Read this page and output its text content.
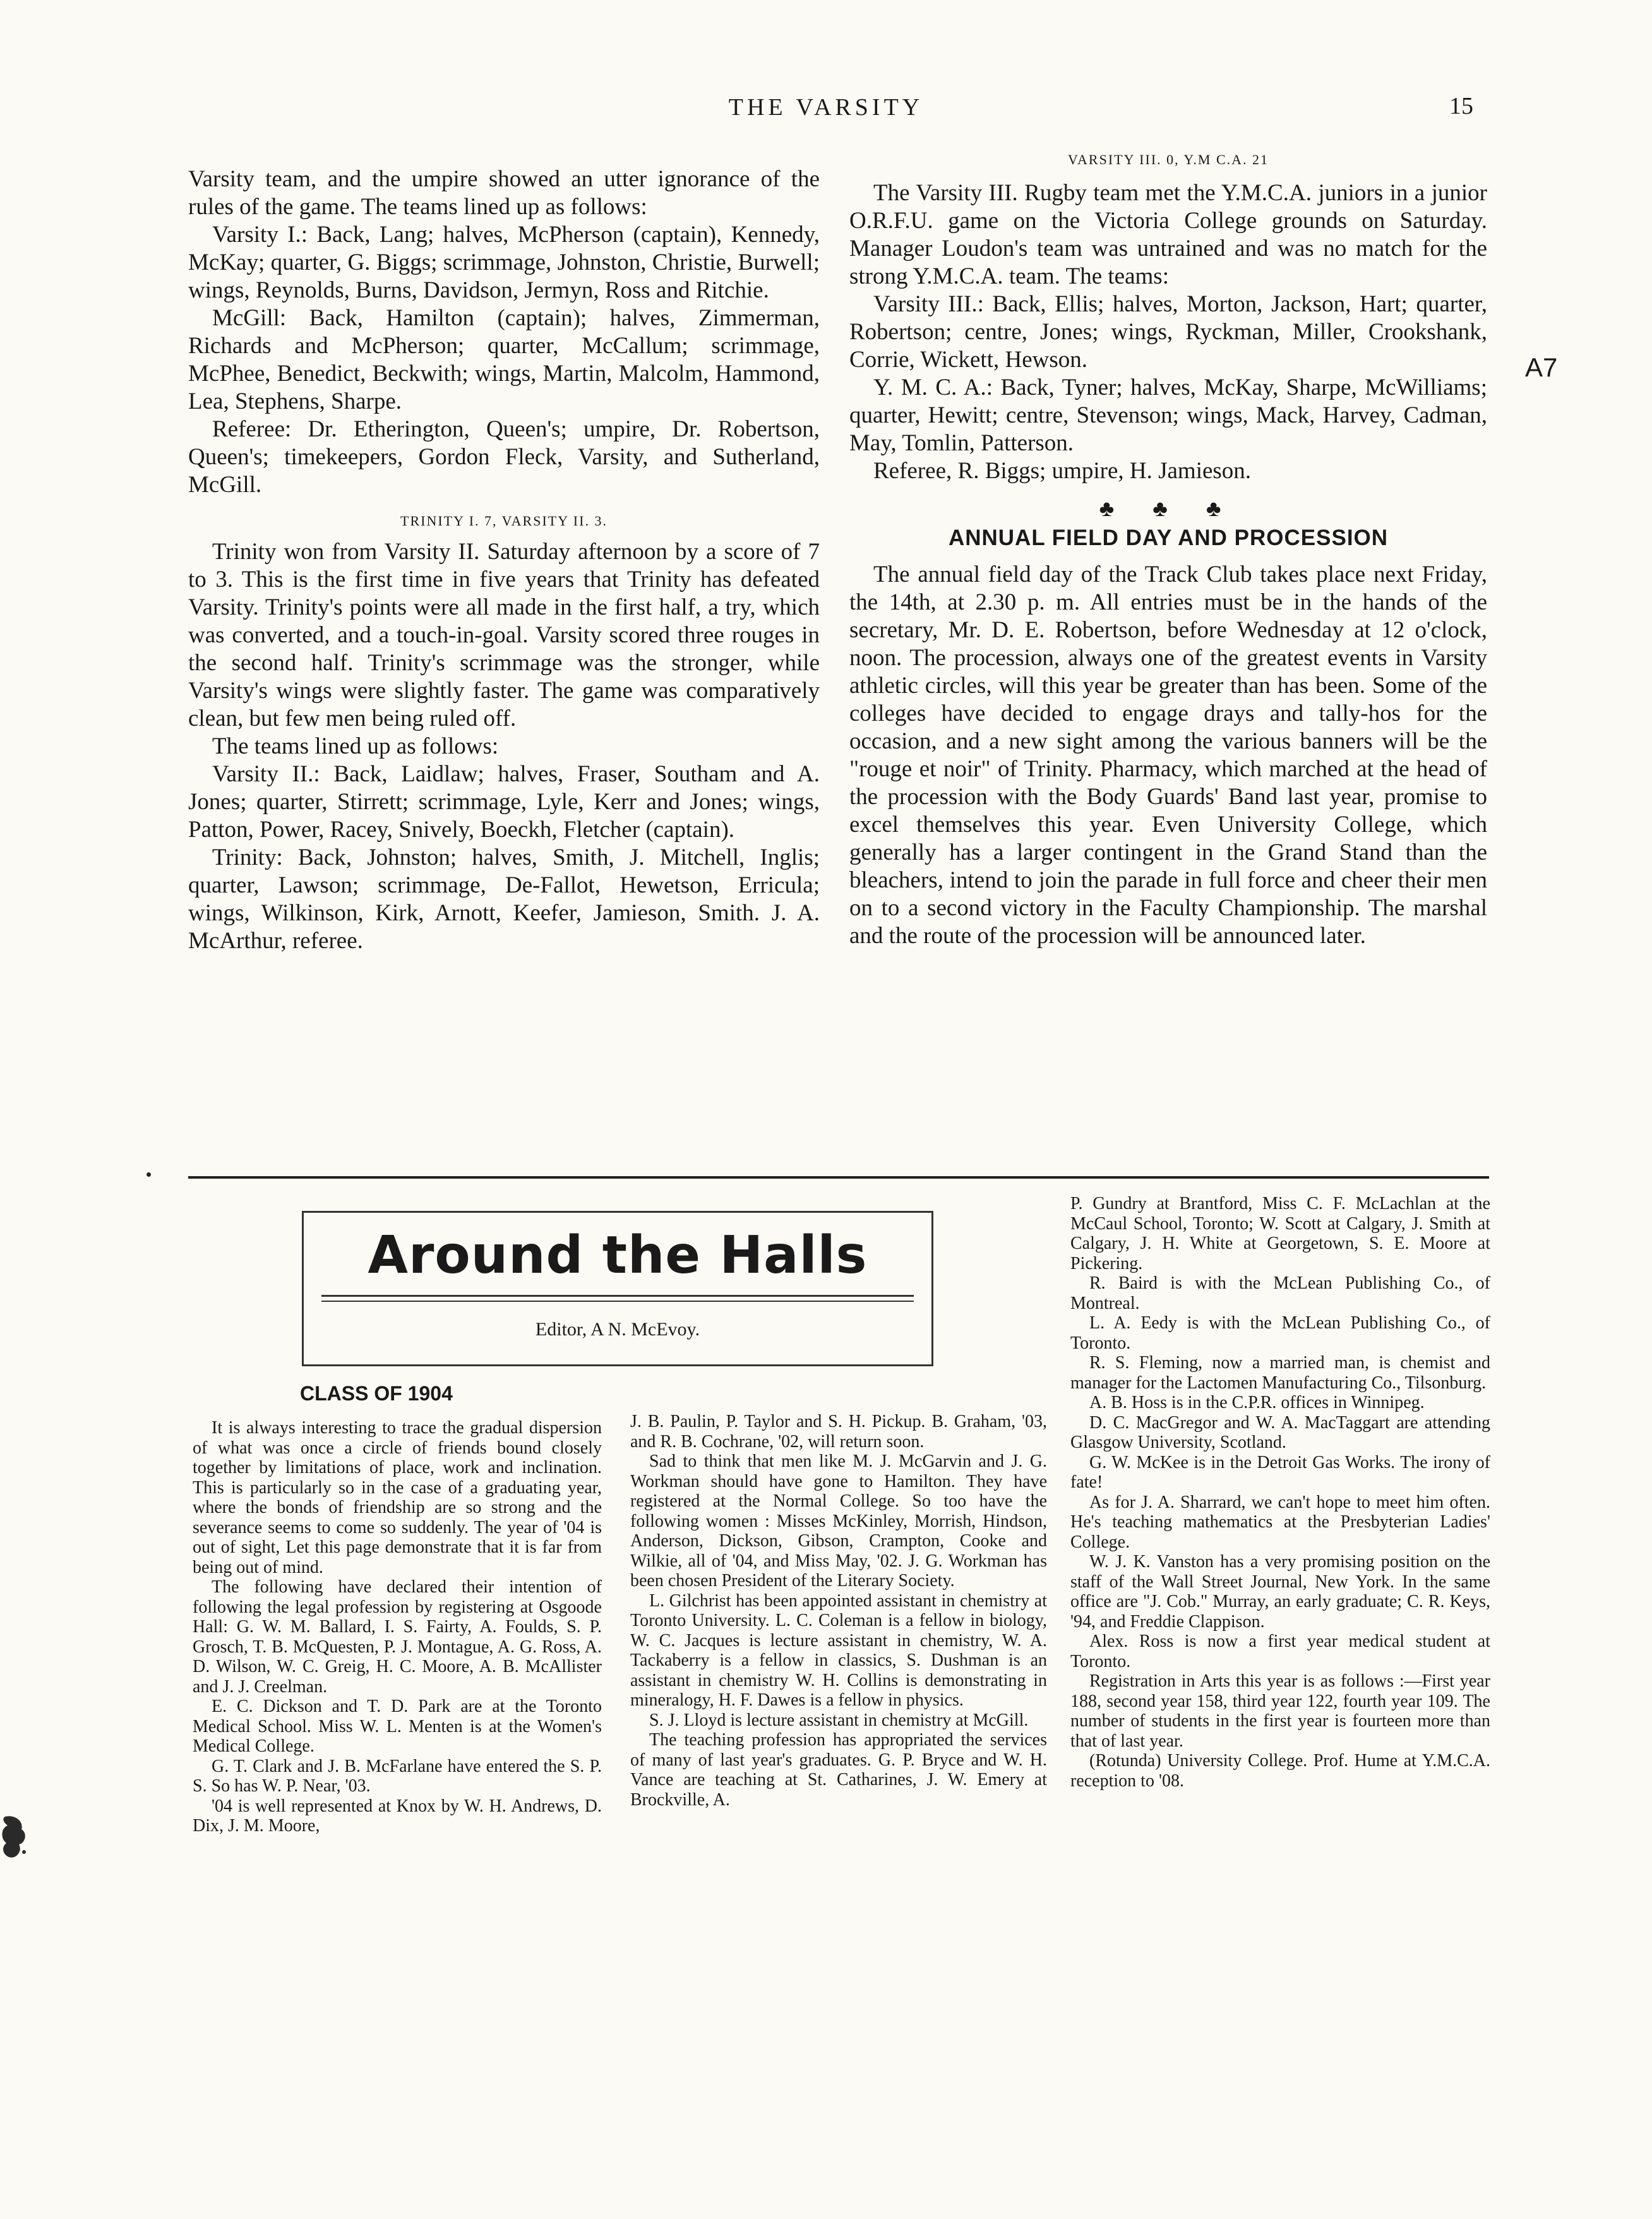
THE VARSITY	15
A7

Varsity team, and the umpire showed an utter ignorance of the rules of the game. The teams lined up as follows:

Varsity I.: Back, Lang; halves, McPherson (captain), Kennedy, McKay; quarter, G. Biggs; scrimmage, Johnston, Christie, Burwell; wings, Reynolds, Burns, Davidson, Jermyn, Ross and Ritchie.

McGill: Back, Hamilton (captain); halves, Zimmerman, Richards and McPherson; quarter, McCallum; scrimmage, McPhee, Benedict, Beckwith; wings, Martin, Malcolm, Hammond, Lea, Stephens, Sharpe.

Referee: Dr. Etherington, Queen's; umpire, Dr. Robertson, Queen's; timekeepers, Gordon Fleck, Varsity, and Sutherland, McGill.

TRINITY I. 7, VARSITY II. 3.

Trinity won from Varsity II. Saturday afternoon by a score of 7 to 3. This is the first time in five years that Trinity has defeated Varsity. Trinity's points were all made in the first half, a try, which was converted, and a touch-in-goal. Varsity scored three rouges in the second half. Trinity's scrimmage was the stronger, while Varsity's wings were slightly faster. The game was comparatively clean, but few men being ruled off.

The teams lined up as follows:

Varsity II.: Back, Laidlaw; halves, Fraser, Southam and A. Jones; quarter, Stirrett; scrimmage, Lyle, Kerr and Jones; wings, Patton, Power, Racey, Snively, Boeckh, Fletcher (captain).

Trinity: Back, Johnston; halves, Smith, J. Mitchell, Inglis; quarter, Lawson; scrimmage, De-Fallot, Hewetson, Erricula; wings, Wilkinson, Kirk, Arnott, Keefer, Jamieson, Smith. J. A. McArthur, referee.

VARSITY III. 0, Y.M C.A. 21

The Varsity III. Rugby team met the Y.M.C.A. juniors in a junior O.R.F.U. game on the Victoria College grounds on Saturday. Manager Loudon's team was untrained and was no match for the strong Y.M.C.A. team. The teams:

Varsity III.: Back, Ellis; halves, Morton, Jackson, Hart; quarter, Robertson; centre, Jones; wings, Ryckman, Miller, Crookshank, Corrie, Wickett, Hewson.

Y. M. C. A.: Back, Tyner; halves, McKay, Sharpe, McWilliams; quarter, Hewitt; centre, Stevenson; wings, Mack, Harvey, Cadman, May, Tomlin, Patterson.

Referee, R. Biggs; umpire, H. Jamieson.

♣ ♣ ♣
ANNUAL FIELD DAY AND PROCESSION

The annual field day of the Track Club takes place next Friday, the 14th, at 2.30 p. m. All entries must be in the hands of the secretary, Mr. D. E. Robertson, before Wednesday at 12 o'clock, noon. The procession, always one of the greatest events in Varsity athletic circles, will this year be greater than has been. Some of the colleges have decided to engage drays and tally-hos for the occasion, and a new sight among the various banners will be the "rouge et noir" of Trinity. Pharmacy, which marched at the head of the procession with the Body Guards' Band last year, promise to excel themselves this year. Even University College, which generally has a larger contingent in the Grand Stand than the bleachers, intend to join the parade in full force and cheer their men on to a second victory in the Faculty Championship. The marshal and the route of the procession will be announced later.

Around the Halls
Editor, A N. McEvoy.
CLASS OF 1904

It is always interesting to trace the gradual dispersion of what was once a circle of friends bound closely together by limitations of place, work and inclination. This is particularly so in the case of a graduating year, where the bonds of friendship are so strong and the severance seems to come so suddenly. The year of '04 is out of sight, Let this page demonstrate that it is far from being out of mind.

The following have declared their intention of following the legal profession by registering at Osgoode Hall: G. W. M. Ballard, I. S. Fairty, A. Foulds, S. P. Grosch, T. B. McQuesten, P. J. Montague, A. G. Ross, A. D. Wilson, W. C. Greig, H. C. Moore, A. B. McAllister and J. J. Creelman.

E. C. Dickson and T. D. Park are at the Toronto Medical School. Miss W. L. Menten is at the Women's Medical College.

G. T. Clark and J. B. McFarlane have entered the S. P. S. So has W. P. Near, '03.

'04 is well represented at Knox by W. H. Andrews, D. Dix, J. M. Moore,

J. B. Paulin, P. Taylor and S. H. Pickup. B. Graham, '03, and R. B. Cochrane, '02, will return soon.

Sad to think that men like M. J. McGarvin and J. G. Workman should have gone to Hamilton. They have registered at the Normal College. So too have the following women : Misses McKinley, Morrish, Hindson, Anderson, Dickson, Gibson, Crampton, Cooke and Wilkie, all of '04, and Miss May, '02. J. G. Workman has been chosen President of the Literary Society.

L. Gilchrist has been appointed assistant in chemistry at Toronto University. L. C. Coleman is a fellow in biology, W. C. Jacques is lecture assistant in chemistry, W. A. Tackaberry is a fellow in classics, S. Dushman is an assistant in chemistry W. H. Collins is demonstrating in mineralogy, H. F. Dawes is a fellow in physics.

S. J. Lloyd is lecture assistant in chemistry at McGill.

The teaching profession has appropriated the services of many of last year's graduates. G. P. Bryce and W. H. Vance are teaching at St. Catharines, J. W. Emery at Brockville, A.

P. Gundry at Brantford, Miss C. F. McLachlan at the McCaul School, Toronto; W. Scott at Calgary, J. Smith at Calgary, J. H. White at Georgetown, S. E. Moore at Pickering.

R. Baird is with the McLean Publishing Co., of Montreal.

L. A. Eedy is with the McLean Publishing Co., of Toronto.

R. S. Fleming, now a married man, is chemist and manager for the Lactomen Manufacturing Co., Tilsonburg.

A. B. Hoss is in the C.P.R. offices in Winnipeg.

D. C. MacGregor and W. A. MacTaggart are attending Glasgow University, Scotland.

G. W. McKee is in the Detroit Gas Works. The irony of fate!

As for J. A. Sharrard, we can't hope to meet him often. He's teaching mathematics at the Presbyterian Ladies' College.

W. J. K. Vanston has a very promising position on the staff of the Wall Street Journal, New York. In the same office are "J. Cob." Murray, an early graduate; C. R. Keys, '94, and Freddie Clappison.

Alex. Ross is now a first year medical student at Toronto.

Registration in Arts this year is as follows :—First year 188, second year 158, third year 122, fourth year 109. The number of students in the first year is fourteen more than that of last year.

(Rotunda) University College. Prof. Hume at Y.M.C.A. reception to '08.
